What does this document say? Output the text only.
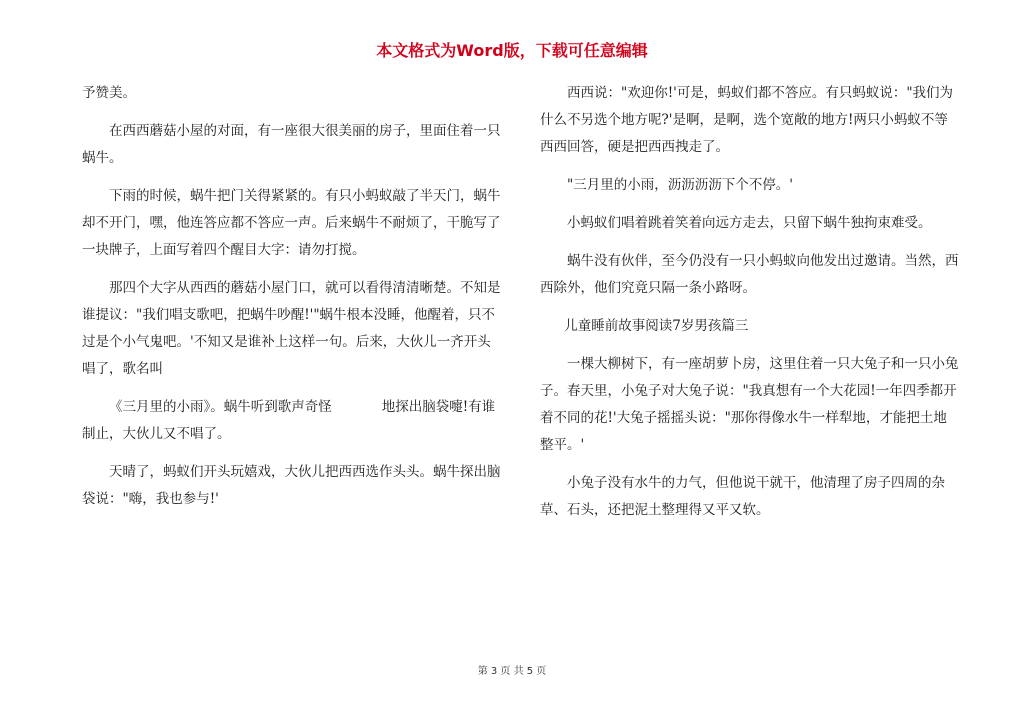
本文格式为Word版，下载可任意编辑

予赞美。

在西西蘑菇小屋的对面，有一座很大很美丽的房子，里面住着一只蜗牛。

下雨的时候，蜗牛把门关得紧紧的。有只小蚂蚁敲了半天门，蜗牛却不开门，嘿，他连答应都不答应一声。后来蜗牛不耐烦了，干脆写了一块牌子，上面写着四个醒目大字：请勿打搅。

那四个大字从西西的蘑菇小屋门口，就可以看得清清晰楚。不知是谁提议："我们唱支歌吧，把蜗牛吵醒!'"蜗牛根本没睡，他醒着，只不过是个小气鬼吧。'不知又是谁补上这样一句。后来，大伙儿一齐开头唱了，歌名叫

《三月里的小雨》。蜗牛听到歌声奇怪	地探出脑袋嚏!有谁制止，大伙儿又不唱了。

天晴了，蚂蚁们开头玩嬉戏，大伙儿把西西选作头头。蜗牛探出脑袋说："嗨，我也参与!'

西西说："欢迎你!'可是，蚂蚁们都不答应。有只蚂蚁说："我们为什么不另选个地方呢?'是啊，是啊，选个宽敞的地方!两只小蚂蚁不等西西回答，硬是把西西拽走了。

"三月里的小雨，沥沥沥沥下个不停。'

小蚂蚁们唱着跳着笑着向远方走去，只留下蜗牛独拘束难受。

蜗牛没有伙伴，至今仍没有一只小蚂蚁向他发出过邀请。当然，西西除外，他们究竟只隔一条小路呀。

儿童睡前故事阅读7岁男孩篇三

一棵大柳树下，有一座胡萝卜房，这里住着一只大兔子和一只小兔子。春天里，小兔子对大兔子说："我真想有一个大花园!一年四季都开着不同的花!'大兔子摇摇头说："那你得像水牛一样犁地，才能把土地整平。'

小兔子没有水牛的力气，但他说干就干，他清理了房子四周的杂草、石头，还把泥土整理得又平又软。

第 3 页 共 5 页
